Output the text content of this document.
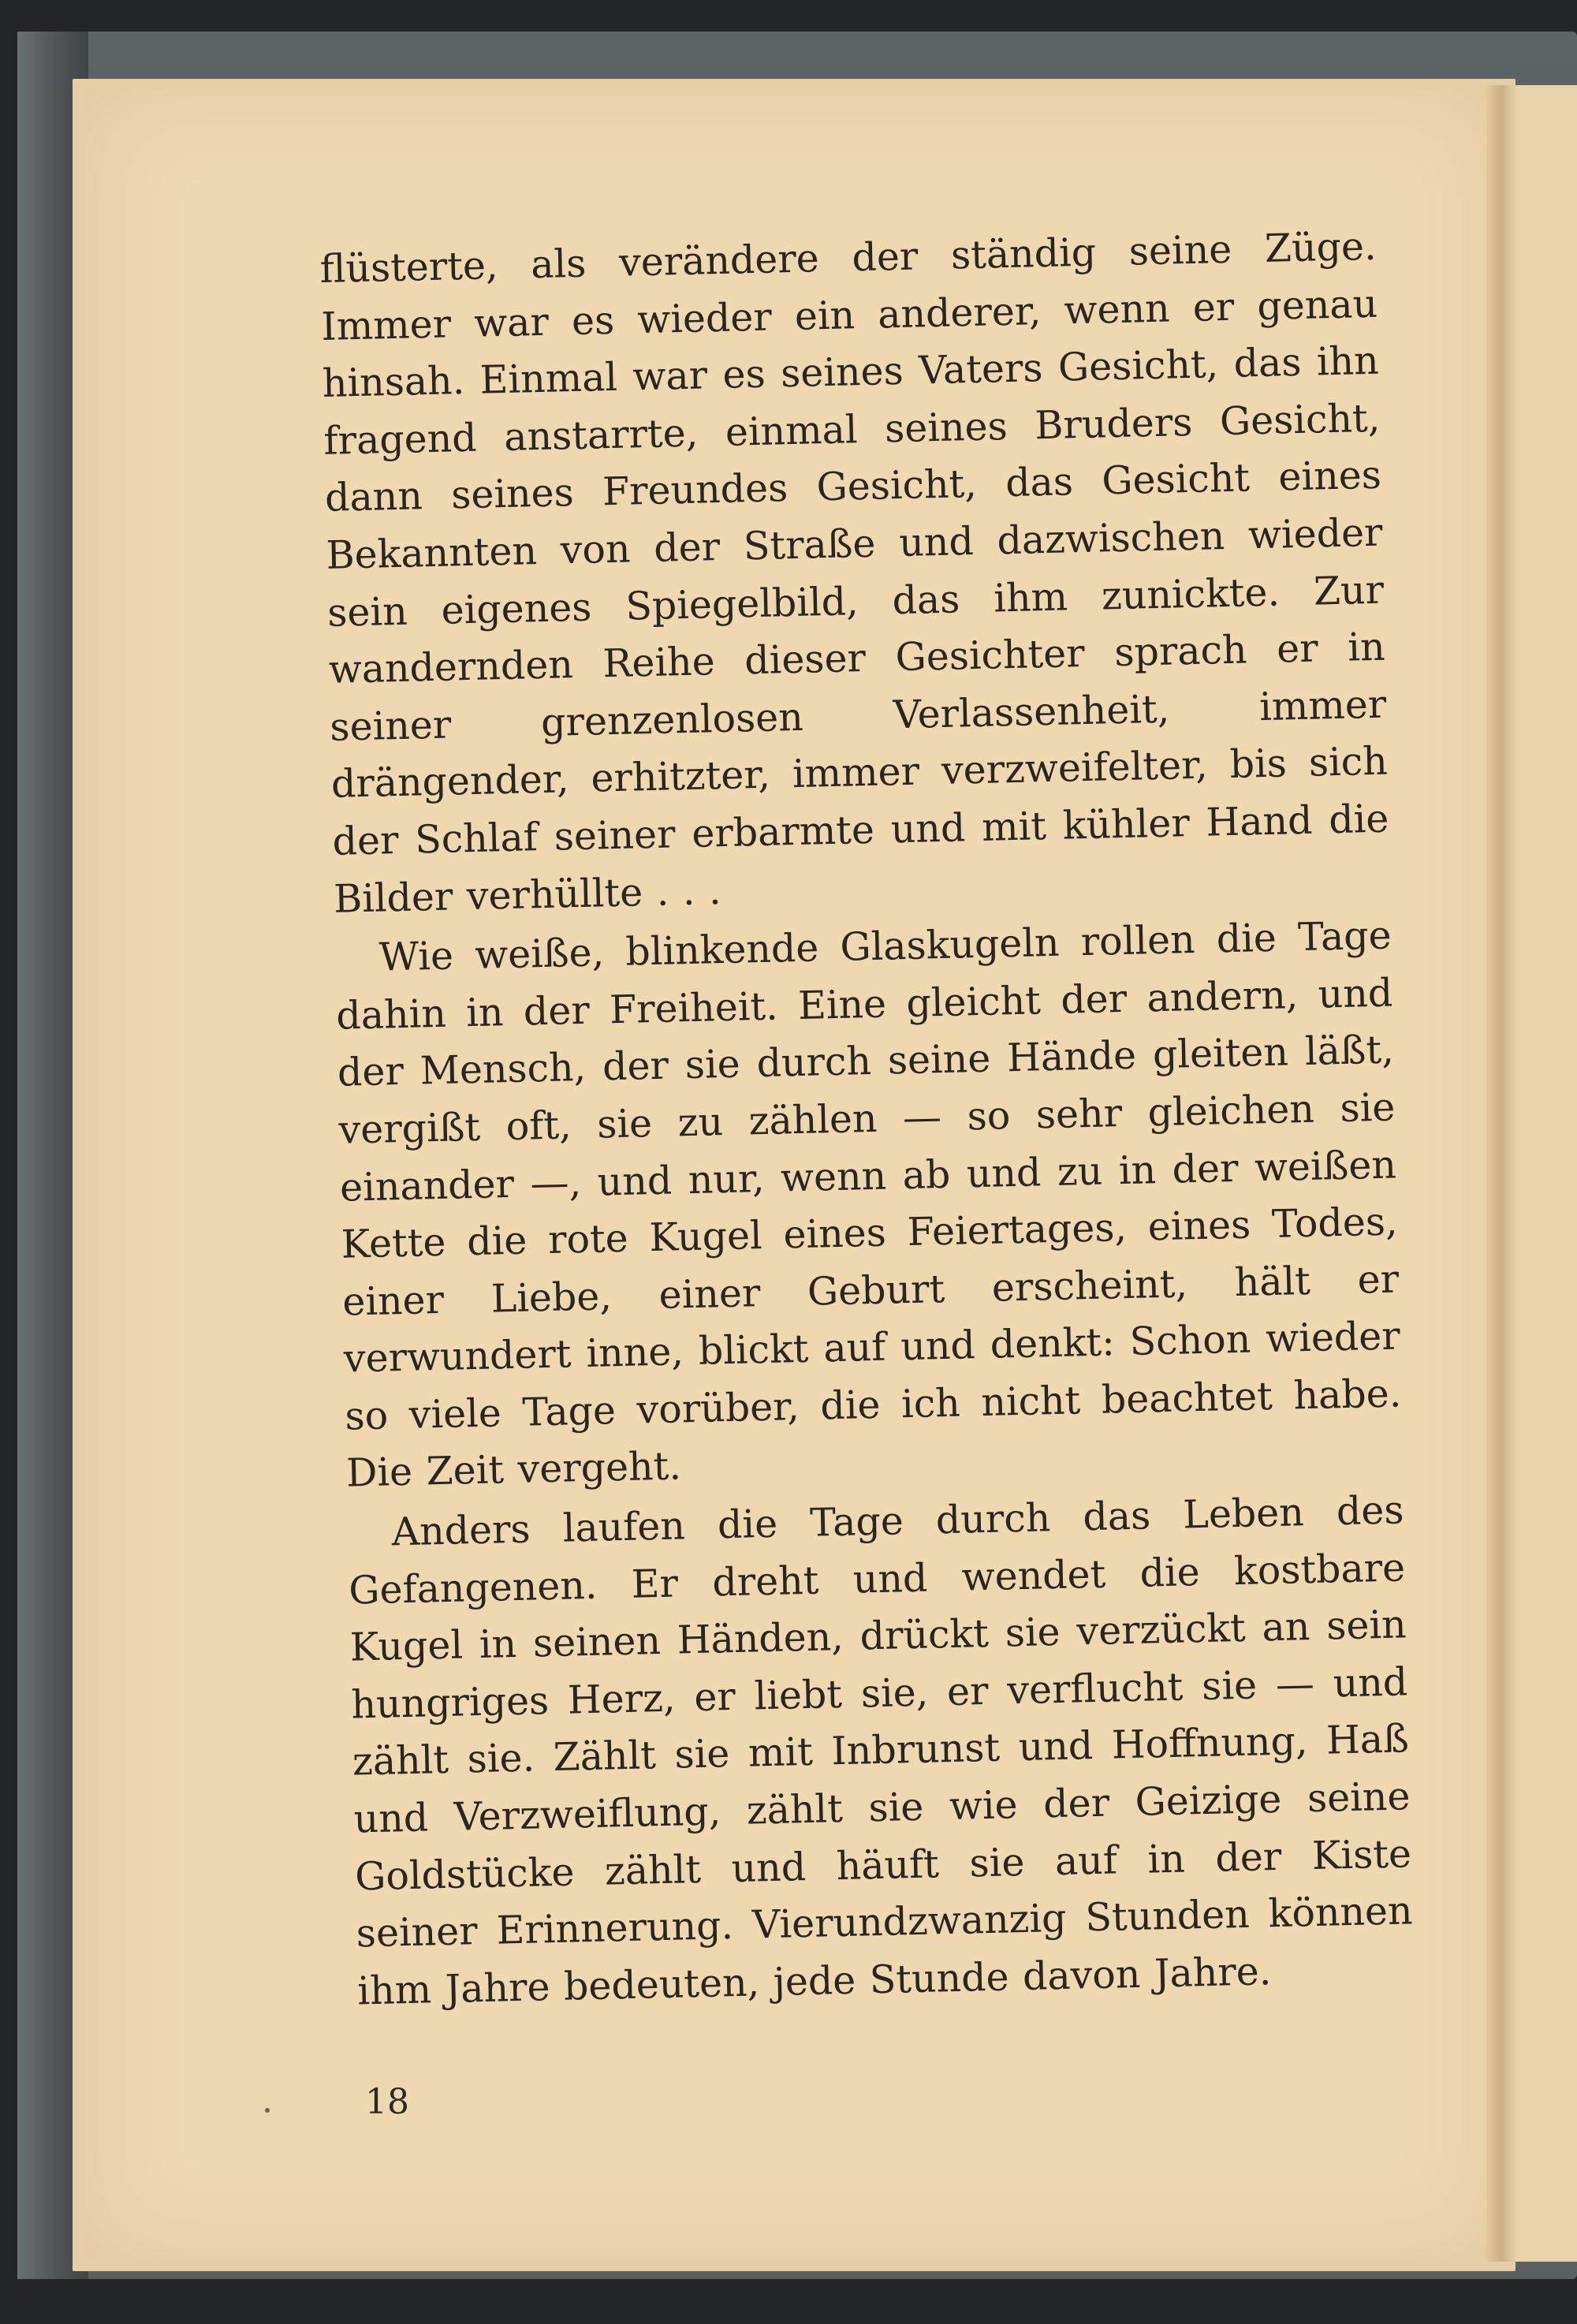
flüsterte, als verändere der ständig seine Züge. Immer war es wieder ein anderer, wenn er genau hinsah. Einmal war es seines Vaters Gesicht, das ihn fragend anstarrte, einmal seines Bruders Gesicht, dann seines Freundes Gesicht, das Gesicht eines Bekannten von der Straße und dazwischen wieder sein eigenes Spiegelbild, das ihm zunickte. Zur wandernden Reihe dieser Gesichter sprach er in seiner grenzenlosen Verlassenheit, immer drängender, erhitzter, immer verzweifelter, bis sich der Schlaf seiner erbarmte und mit kühler Hand die Bilder verhüllte . . .

Wie weiße, blinkende Glaskugeln rollen die Tage dahin in der Freiheit. Eine gleicht der andern, und der Mensch, der sie durch seine Hände gleiten läßt, vergißt oft, sie zu zählen — so sehr gleichen sie einander —, und nur, wenn ab und zu in der weißen Kette die rote Kugel eines Feiertages, eines Todes, einer Liebe, einer Geburt erscheint, hält er verwundert inne, blickt auf und denkt: Schon wieder so viele Tage vorüber, die ich nicht beachtet habe. Die Zeit vergeht.

Anders laufen die Tage durch das Leben des Gefangenen. Er dreht und wendet die kostbare Kugel in seinen Händen, drückt sie verzückt an sein hungriges Herz, er liebt sie, er verflucht sie — und zählt sie. Zählt sie mit Inbrunst und Hoffnung, Haß und Verzweiflung, zählt sie wie der Geizige seine Goldstücke zählt und häuft sie auf in der Kiste seiner Erinnerung. Vierundzwanzig Stunden können ihm Jahre bedeuten, jede Stunde davon Jahre.

18
